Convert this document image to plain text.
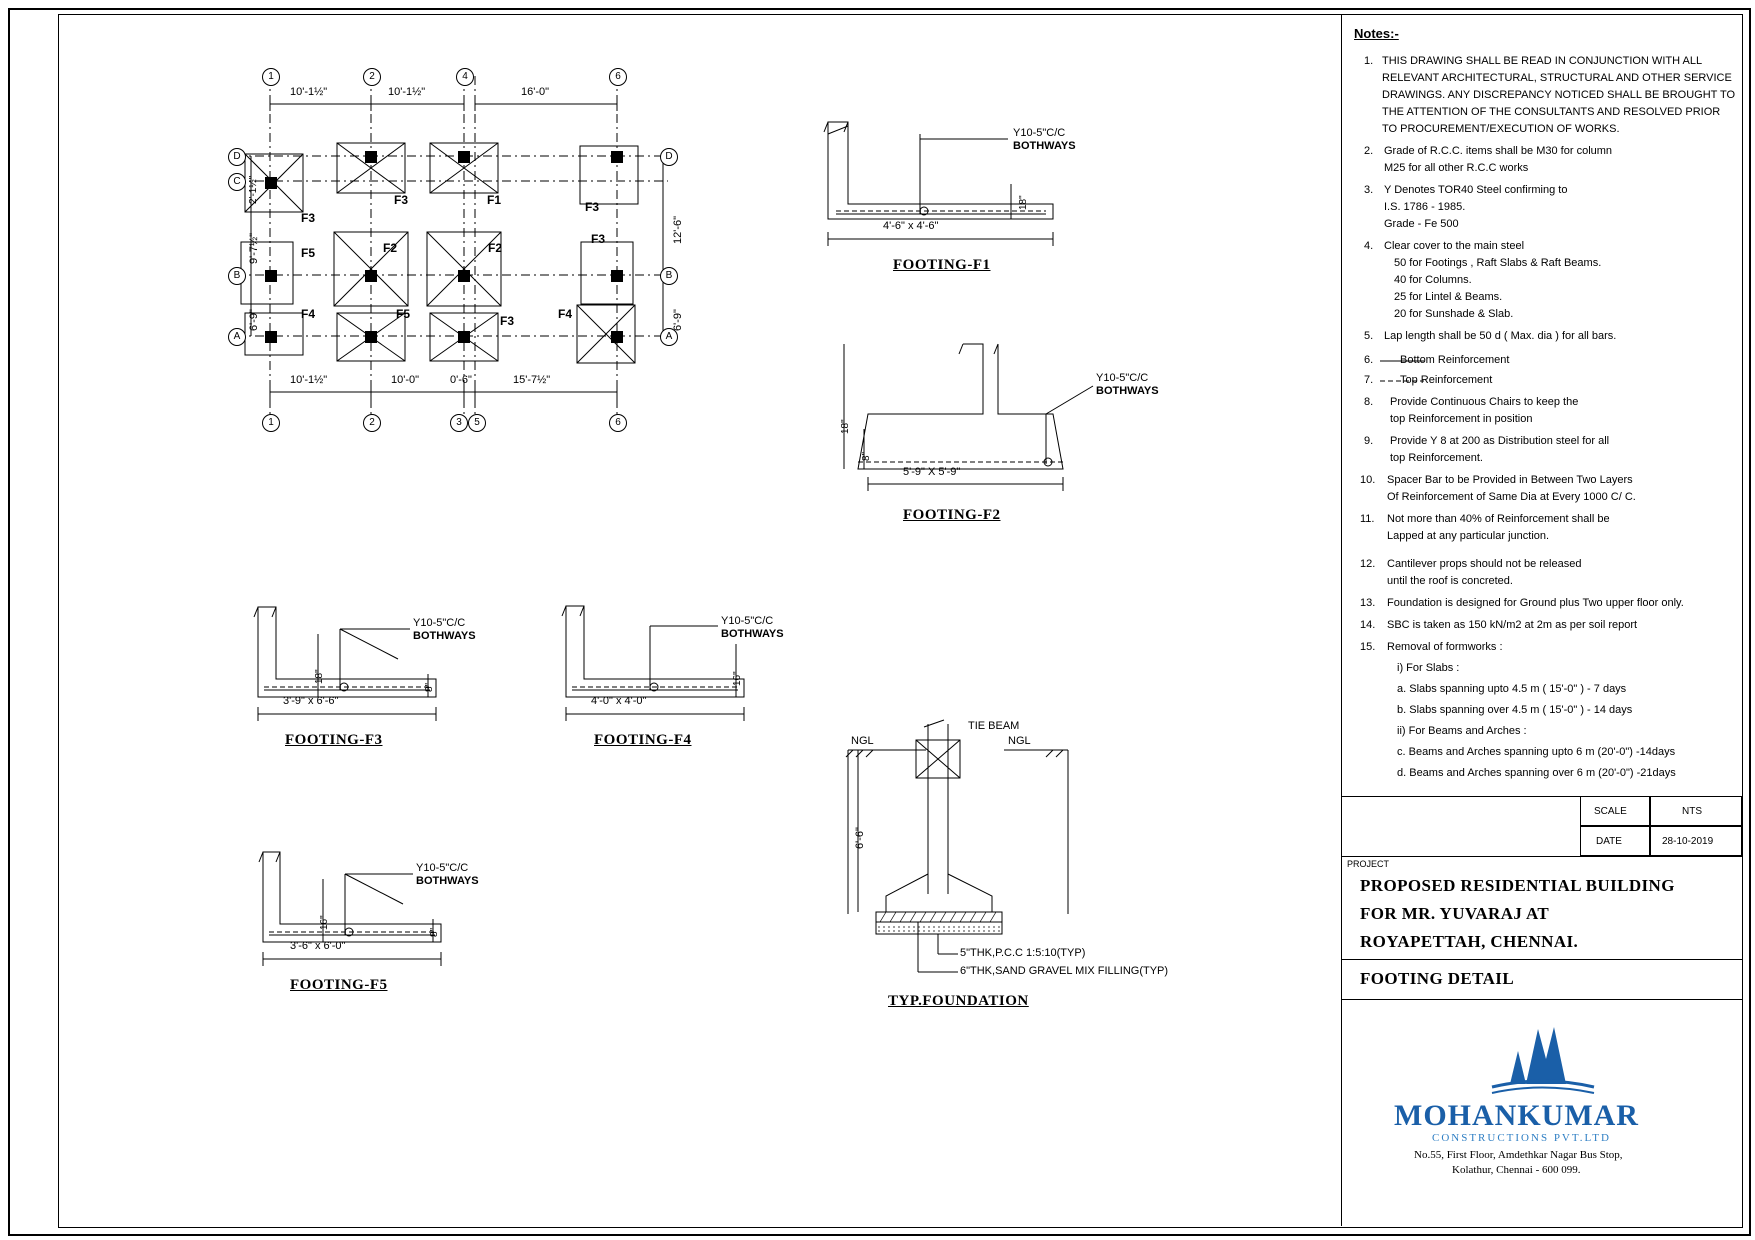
1	2	4	6
1	2	3	5	6
D
C
B
A
D
B
A
10'-1½"	10'-1½"	16'-0"
10'-1½"	10'-0"	0'-6"	15'-7½"
2'-1½"
9'-7½"
6'-9"
12'-6"
6'-9"
F3
F3	F1	F3
F5	F2	F2
F3
F4	F5	F3	F4
Y10-5"C/C
BOTHWAYS
4'-6" x 4'-6"
18"
FOOTING-F1
Y10-5"C/C
BOTHWAYS
5'-9" X 5'-9"
18"
8"
FOOTING-F2
Y10-5"C/C
BOTHWAYS
3'-9" x 6'-6"
18"
8"
FOOTING-F3
Y10-5"C/C
BOTHWAYS
4'-0" x 4'-0"
16"
FOOTING-F4
Y10-5"C/C
BOTHWAYS
3'-6" x 6'-0"
16"
8"
FOOTING-F5
NGL	NGL
TIE BEAM
6'-6"
5"THK,P.C.C 1:5:10(TYP)
6"THK,SAND GRAVEL MIX FILLING(TYP)
TYP.FOUNDATION
Notes:-
1. THIS DRAWING SHALL BE READ IN CONJUNCTION WITH ALL
RELEVANT ARCHITECTURAL, STRUCTURAL AND OTHER SERVICE
DRAWINGS. ANY DISCREPANCY NOTICED SHALL BE BROUGHT TO
THE ATTENTION OF THE CONSULTANTS AND RESOLVED PRIOR
TO PROCUREMENT/EXECUTION OF WORKS.
2. Grade of R.C.C. items shall be M30 for column
M25 for all other R.C.C works
3. Y Denotes TOR40 Steel confirming to
I.S. 1786 - 1985.
Grade - Fe 500
4. Clear cover to the main steel
50 for Footings , Raft Slabs & Raft Beams.
40 for Columns.
25 for Lintel & Beams.
20 for Sunshade & Slab.
5. Lap length shall be 50 d ( Max. dia ) for all bars.
6. Bottom Reinforcement
7. Top Reinforcement
8. Provide Continuous Chairs to keep the
top Reinforcement in position
9. Provide Y 8 at 200 as Distribution steel for all
top Reinforcement.
10. Spacer Bar to be Provided in Between Two Layers
Of Reinforcement of Same Dia at Every 1000 C/ C.
11. Not more than 40% of Reinforcement shall be
Lapped at any particular junction.
12. Cantilever props should not be released
until the roof is concreted.
13. Foundation is designed for Ground plus Two upper floor only.
14. SBC is taken as 150 kN/m2 at 2m as per soil report
15. Removal of formworks :
i) For Slabs :
a. Slabs spanning upto 4.5 m ( 15'-0" ) - 7 days
b. Slabs spanning over 4.5 m ( 15'-0" ) - 14 days
ii) For Beams and Arches :
c. Beams and Arches spanning upto 6 m (20'-0") -14days
d. Beams and Arches spanning over 6 m (20'-0") -21days
SCALE	NTS
DATE	28-10-2019
PROJECT
PROPOSED RESIDENTIAL BUILDING
FOR MR. YUVARAJ AT
ROYAPETTAH, CHENNAI.
FOOTING DETAIL
MOHANKUMAR
CONSTRUCTIONS PVT.LTD
No.55, First Floor, Amdethkar Nagar Bus Stop,
Kolathur, Chennai - 600 099.
